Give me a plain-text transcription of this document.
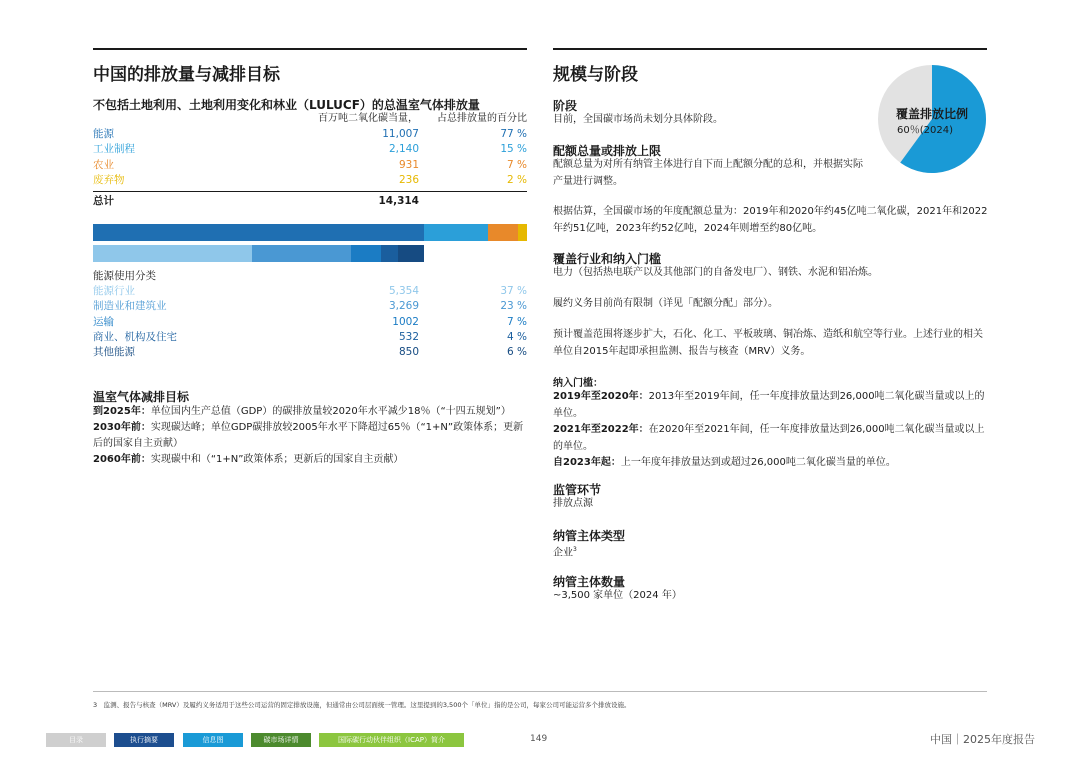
中国的排放量与减排目标
不包括土地利用、土地利用变化和林业（LULUCF）的总温室气体排放量
百万吨二氧化碳当量，	占总排放量的百分比
能源	11,007	77 %
工业制程	2,140	15 %
农业	931	7 %
废弃物	236	2 %
总计	14,314
能源使用分类
能源行业	5,354	37 %
制造业和建筑业	3,269	23 %
运输	1002	7 %
商业、机构及住宅	532	4 %
其他能源	850	6 %
温室气体减排目标
到2025年：单位国内生产总值（GDP）的碳排放量较2020年水平减少18％（“十四五规划”）
2030年前：实现碳达峰；单位GDP碳排放较2005年水平下降超过65％（“1+N”政策体系；更新后的国家自主贡献）
2060年前：实现碳中和（“1+N”政策体系；更新后的国家自主贡献）
规模与阶段
覆盖排放比例
60％(2024)
阶段
目前，全国碳市场尚未划分具体阶段。
配额总量或排放上限
配额总量为对所有纳管主体进行自下而上配额分配的总和，并根据实际产量进行调整。
根据估算，全国碳市场的年度配额总量为：2019年和2020年约45亿吨二氧化碳，2021年和2022年约51亿吨，2023年约52亿吨，2024年则增至约80亿吨。
覆盖行业和纳入门槛
电力（包括热电联产以及其他部门的自备发电厂）、钢铁、水泥和铝冶炼。
履约义务目前尚有限制（详见「配额分配」部分）。
预计覆盖范围将逐步扩大，石化、化工、平板玻璃、铜冶炼、造纸和航空等行业。上述行业的相关单位自2015年起即承担监测、报告与核查（MRV）义务。
纳入门槛：
2019年至2020年：2013年至2019年间，任一年度排放量达到26,000吨二氧化碳当量或以上的单位。
2021年至2022年：在2020年至2021年间，任一年度排放量达到26,000吨二氧化碳当量或以上的单位。
自2023年起：上一年度年排放量达到或超过26,000吨二氧化碳当量的单位。
监管环节
排放点源
纳管主体类型
企业$^3$
纳管主体数量
~3,500 家单位（2024 年）
3　监测、报告与核查（MRV）及履约义务适用于这些公司运营的固定排放设施，但通常由公司层面统一管理。这里提到的3,500个「单位」指的是公司，每家公司可能运营多个排放设施。
目录	执行摘要	信息图	碳市场详情	国际碳行动伙伴组织（ICAP）简介	149	中国｜2025年度报告
